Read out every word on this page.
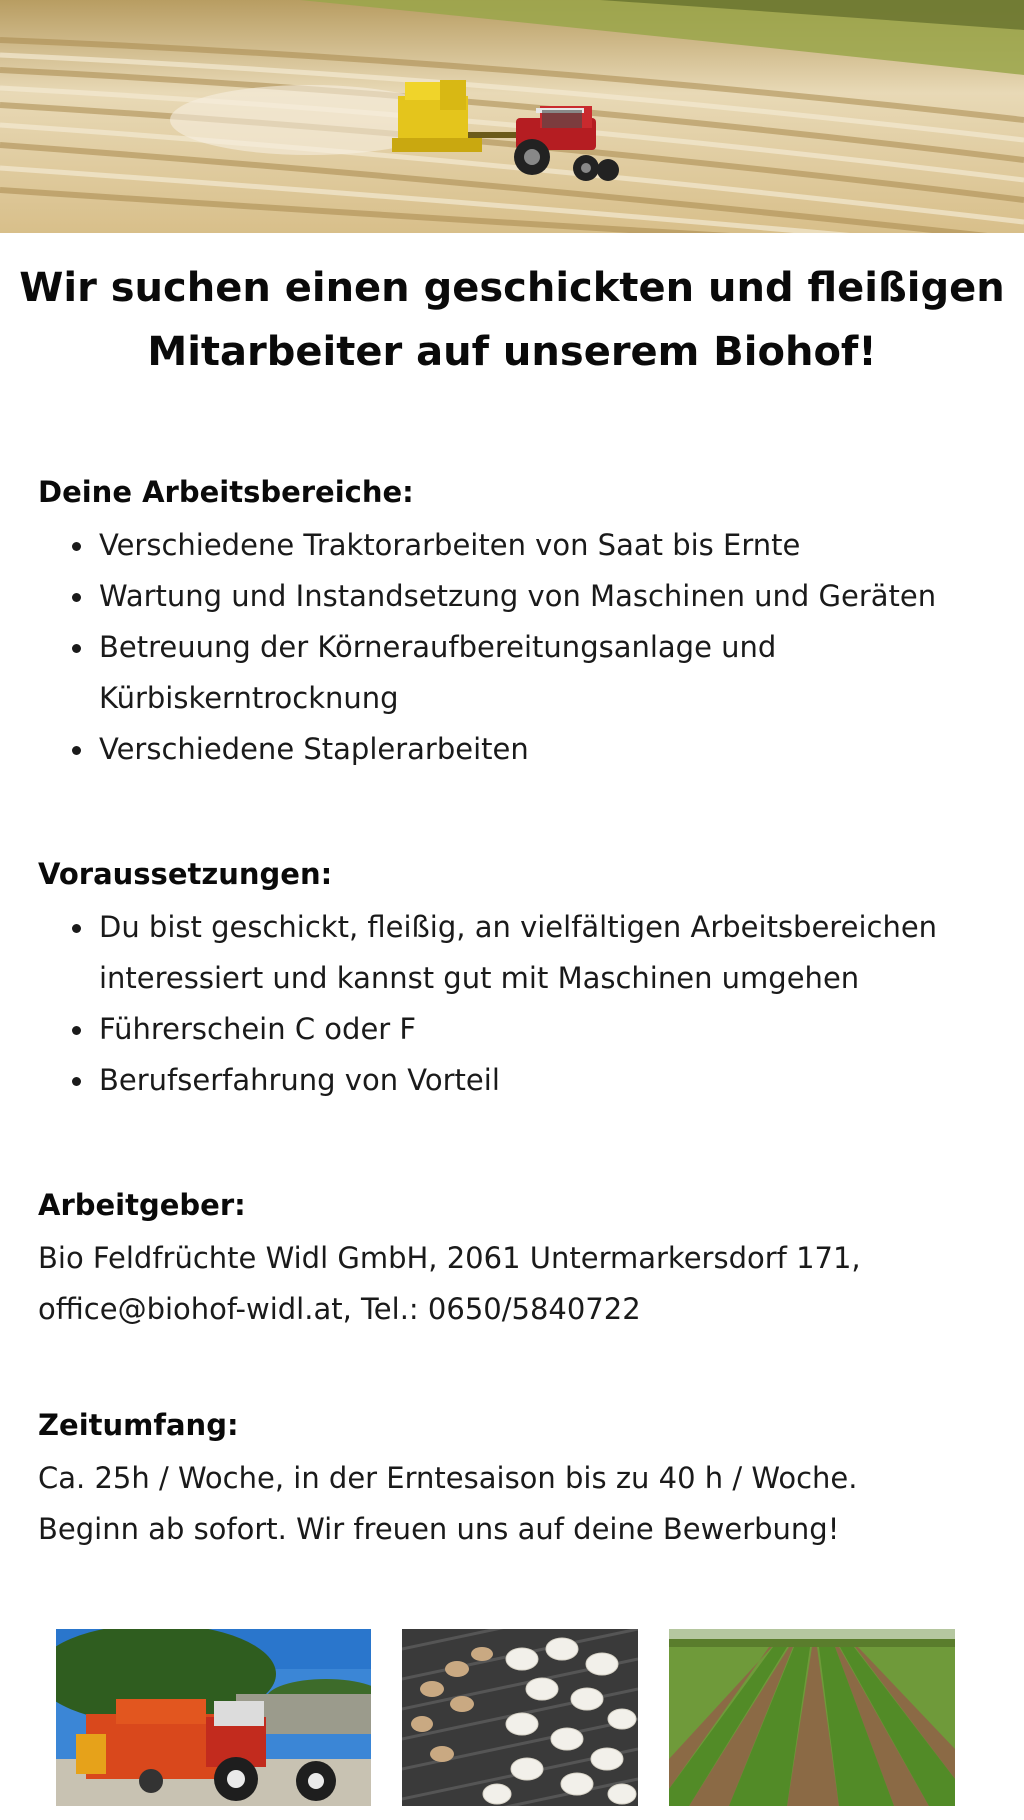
Wir suchen einen geschickten und fleißigen
Mitarbeiter auf unserem Biohof!
Deine Arbeitsbereiche:
Verschiedene Traktorarbeiten von Saat bis Ernte
Wartung und Instandsetzung von Maschinen und Geräten
Betreuung der Körneraufbereitungsanlage und
Kürbiskerntrocknung
Verschiedene Staplerarbeiten
Voraussetzungen:
Du bist geschickt, fleißig, an vielfältigen Arbeitsbereichen
interessiert und kannst gut mit Maschinen umgehen
Führerschein C oder F
Berufserfahrung von Vorteil
Arbeitgeber:

Bio Feldfrüchte Widl GmbH, 2061 Untermarkersdorf 171,

office@biohof-widl.at, Tel.: 0650/5840722

Zeitumfang:

Ca. 25h / Woche, in der Erntesaison bis zu 40 h / Woche.

Beginn ab sofort. Wir freuen uns auf deine Bewerbung!
